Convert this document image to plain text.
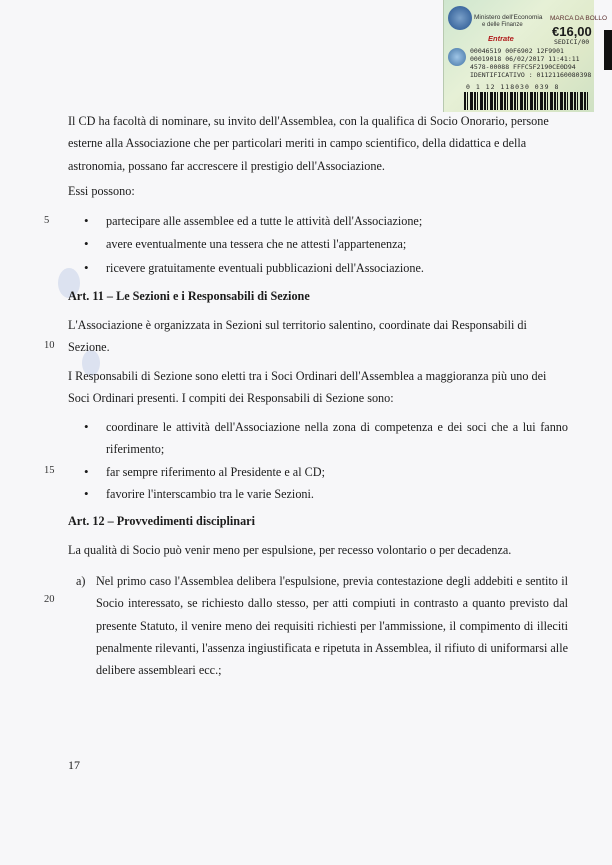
Ministero dell'Economia
e delle Finanze
MARCA DA BOLLO
€16,00
SEDICI/00
Entrate
00046519 00F6902 12F9901
00019018 06/02/2017 11:41:11
4578-00088 FFFC5F2190CE0D94
IDENTIFICATIVO : 01121160080398
0 1 12 118030 039 8
Il CD ha facoltà di nominare, su invito dell'Assemblea, con la qualifica di Socio Onorario, persone
esterne alla Associazione che per particolari meriti in campo scientifico, della didattica e della
astronomia, possano far accrescere il prestigio dell'Associazione.
Essi possono:
5
•	partecipare alle assemblee ed a tutte le attività dell'Associazione;
• avere eventualmente una tessera che ne attesti l'appartenenza;
• ricevere gratuitamente eventuali pubblicazioni dell'Associazione.
Art. 11 – Le Sezioni e i Responsabili di Sezione
L'Associazione è organizzata in Sezioni sul territorio salentino, coordinate dai Responsabili di
Sezione.
10
I Responsabili di Sezione sono eletti tra i Soci Ordinari dell'Assemblea a maggioranza più uno dei
Soci Ordinari presenti. I compiti dei Responsabili di Sezione sono:
• coordinare le attività dell'Associazione nella zona di competenza e dei soci che a lui fanno riferimento;
• far sempre riferimento al Presidente e al CD;
• favorire l'interscambio tra le varie Sezioni.
15
Art. 12 – Provvedimenti disciplinari
La qualità di Socio può venir meno per espulsione, per recesso volontario o per decadenza.
a) Nel primo caso l'Assemblea delibera l'espulsione, previa contestazione degli addebiti e sentito il Socio interessato, se richiesto dallo stesso, per atti compiuti in contrasto a quanto previsto dal presente Statuto, il venire meno dei requisiti richiesti per l'ammissione, il compimento di illeciti penalmente rilevanti, l'assenza ingiustificata e ripetuta in Assemblea, il rifiuto di uniformarsi alle delibere assembleari ecc.;
20
17
